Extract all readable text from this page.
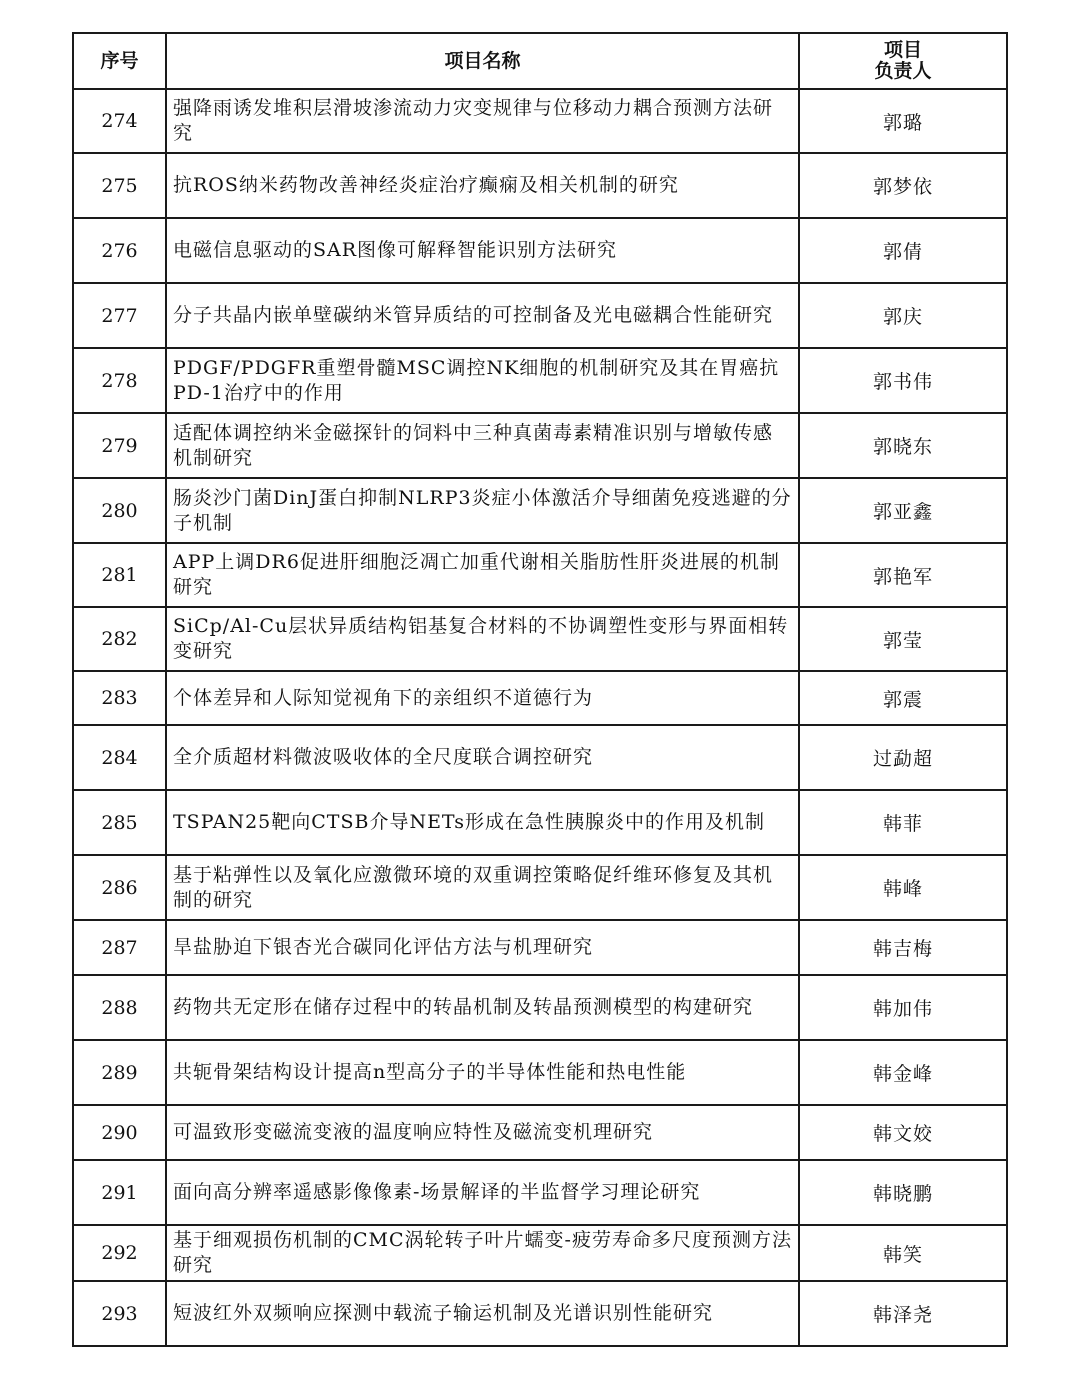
序号	项目名称	项目
负责人

274	强降雨诱发堆积层滑坡渗流动力灾变规律与位移动力耦合预测方法研究	郭璐
275	抗ROS纳米药物改善神经炎症治疗癫痫及相关机制的研究	郭梦依
276	电磁信息驱动的SAR图像可解释智能识别方法研究	郭倩
277	分子共晶内嵌单壁碳纳米管异质结的可控制备及光电磁耦合性能研究	郭庆
278	PDGF/PDGFR重塑骨髓MSC调控NK细胞的机制研究及其在胃癌抗PD-1治疗中的作用	郭书伟
279	适配体调控纳米金磁探针的饲料中三种真菌毒素精准识别与增敏传感机制研究	郭晓东
280	肠炎沙门菌DinJ蛋白抑制NLRP3炎症小体激活介导细菌免疫逃避的分子机制	郭亚鑫
281	APP上调DR6促进肝细胞泛凋亡加重代谢相关脂肪性肝炎进展的机制研究	郭艳军
282	SiCp/Al-Cu层状异质结构铝基复合材料的不协调塑性变形与界面相转变研究	郭莹
283	个体差异和人际知觉视角下的亲组织不道德行为	郭震
284	全介质超材料微波吸收体的全尺度联合调控研究	过勐超
285	TSPAN25靶向CTSB介导NETs形成在急性胰腺炎中的作用及机制	韩菲
286	基于粘弹性以及氧化应激微环境的双重调控策略促纤维环修复及其机制的研究	韩峰
287	旱盐胁迫下银杏光合碳同化评估方法与机理研究	韩吉梅
288	药物共无定形在储存过程中的转晶机制及转晶预测模型的构建研究	韩加伟
289	共轭骨架结构设计提高n型高分子的半导体性能和热电性能	韩金峰
290	可温致形变磁流变液的温度响应特性及磁流变机理研究	韩文姣
291	面向高分辨率遥感影像像素-场景解译的半监督学习理论研究	韩晓鹏
292	基于细观损伤机制的CMC涡轮转子叶片蠕变-疲劳寿命多尺度预测方法研究	韩笑
293	短波红外双频响应探测中载流子输运机制及光谱识别性能研究	韩泽尧
